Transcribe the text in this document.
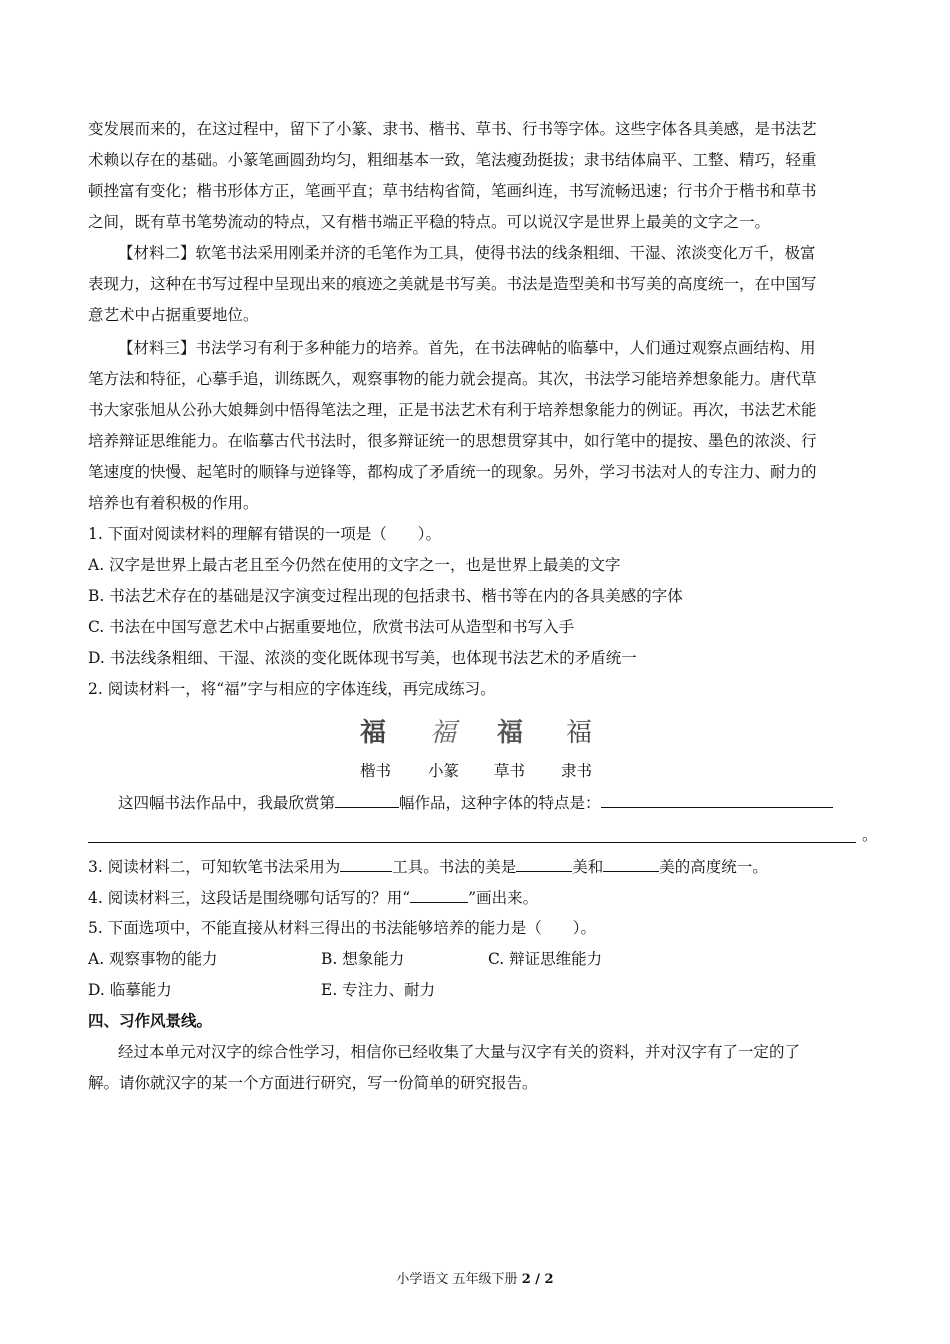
变发展而来的，在这过程中，留下了小篆、隶书、楷书、草书、行书等字体。这些字体各具美感，是书法艺
术赖以存在的基础。小篆笔画圆劲均匀，粗细基本一致，笔法瘦劲挺拔；隶书结体扁平、工整、精巧，轻重
顿挫富有变化；楷书形体方正，笔画平直；草书结构省简，笔画纠连，书写流畅迅速；行书介于楷书和草书
之间，既有草书笔势流动的特点，又有楷书端正平稳的特点。可以说汉字是世界上最美的文字之一。
【材料二】软笔书法采用刚柔并济的毛笔作为工具，使得书法的线条粗细、干湿、浓淡变化万千，极富
表现力，这种在书写过程中呈现出来的痕迹之美就是书写美。书法是造型美和书写美的高度统一，在中国写
意艺术中占据重要地位。
【材料三】书法学习有利于多种能力的培养。首先，在书法碑帖的临摹中，人们通过观察点画结构、用
笔方法和特征，心摹手追，训练既久，观察事物的能力就会提高。其次，书法学习能培养想象能力。唐代草
书大家张旭从公孙大娘舞剑中悟得笔法之理，正是书法艺术有利于培养想象能力的例证。再次，书法艺术能
培养辩证思维能力。在临摹古代书法时，很多辩证统一的思想贯穿其中，如行笔中的提按、墨色的浓淡、行
笔速度的快慢、起笔时的顺锋与逆锋等，都构成了矛盾统一的现象。另外，学习书法对人的专注力、耐力的
培养也有着积极的作用。
1. 下面对阅读材料的理解有错误的一项是（　　）。
A. 汉字是世界上最古老且至今仍然在使用的文字之一，也是世界上最美的文字
B. 书法艺术存在的基础是汉字演变过程出现的包括隶书、楷书等在内的各具美感的字体
C. 书法在中国写意艺术中占据重要地位，欣赏书法可从造型和书写入手
D. 书法线条粗细、干湿、浓淡的变化既体现书写美，也体现书法艺术的矛盾统一
2. 阅读材料一，将“福”字与相应的字体连线，再完成练习。
福 福 福 福
楷书 小篆 草书 隶书
这四幅书法作品中，我最欣赏第	幅作品，这种字体的特点是：
。
3. 阅读材料二，可知软笔书法采用为	工具。书法的美是	美和	美的高度统一。
4. 阅读材料三，这段话是围绕哪句话写的？用“	”画出来。
5. 下面选项中，不能直接从材料三得出的书法能够培养的能力是（　　）。
A. 观察事物的能力	B. 想象能力	C. 辩证思维能力
D. 临摹能力	E. 专注力、耐力
四、习作风景线。
经过本单元对汉字的综合性学习，相信你已经收集了大量与汉字有关的资料，并对汉字有了一定的了
解。请你就汉字的某一个方面进行研究，写一份简单的研究报告。
小学语文 五年级下册 2 / 2
